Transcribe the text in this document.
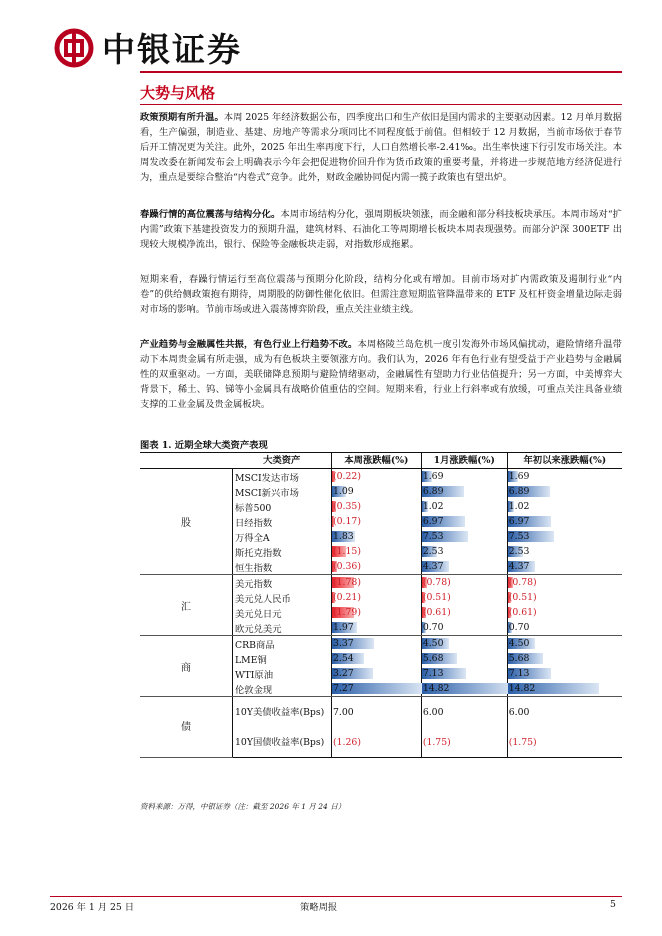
中银证券
大势与风格
政策预期有所升温。本周 2025 年经济数据公布，四季度出口和生产依旧是国内需求的主要驱动因素。12 月单月数据看，生产偏强，制造业、基建、房地产等需求分项同比不同程度低于前值。但相较于 12 月数据，当前市场依于春节后开工情况更为关注。此外，2025 年出生率再度下行，人口自然增长率-2.41‰。出生率快速下行引发市场关注。本周发改委在新闻发布会上明确表示今年会把促进物价回升作为货币政策的重要考量，并将进一步规范地方经济促进行为，重点是要综合整治“内卷式”竞争。此外，财政金融协同促内需一揽子政策也有望出炉。
春躁行情的高位震荡与结构分化。本周市场结构分化，强周期板块领涨，而金融和部分科技板块承压。本周市场对“扩内需”政策下基建投资发力的预期升温，建筑材料、石油化工等周期增长板块本周表现强势。而部分沪深 300ETF 出现较大规模净流出，银行、保险等金融板块走弱，对指数形成拖累。
短期来看，春躁行情运行至高位震荡与预期分化阶段，结构分化或有增加。目前市场对扩内需政策及遏制行业“内卷”的供给侧政策抱有期待，周期股的防御性催化依旧。但需注意短期监管降温带来的 ETF 及杠杆资金增量边际走弱对市场的影响。节前市场或进入震荡博弈阶段，重点关注业绩主线。
产业趋势与金融属性共振，有色行业上行趋势不改。本周格陵兰岛危机一度引发海外市场风偏扰动，避险情绪升温带动下本周贵金属有所走强，成为有色板块主要领涨方向。我们认为，2026 年有色行业有望受益于产业趋势与金融属性的双重驱动。一方面，美联储降息预期与避险情绪驱动，金融属性有望助力行业估值提升；另一方面，中美博弈大背景下，稀土、钨、锑等小金属具有战略价值重估的空间。短期来看，行业上行斜率或有放缓，可重点关注具备业绩支撑的工业金属及贵金属板块。
图表 1. 近期全球大类资产表现
	大类资产	本周涨跌幅(%)	1月涨跌幅(%)	年初以来涨跌幅(%)
股	MSCI发达市场	(0.22)	1.69	1.69
	MSCI新兴市场	1.09	6.89	6.89
	标普500	(0.35)	1.02	1.02
	日经指数	(0.17)	6.97	6.97
	万得全A	1.83	7.53	7.53
	斯托克指数	(1.15)	2.53	2.53
	恒生指数	(0.36)	4.37	4.37
汇	美元指数	(1.78)	(0.78)	(0.78)
	美元兑人民币	(0.21)	(0.51)	(0.51)
	美元兑日元	(1.79)	(0.61)	(0.61)
	欧元兑美元	1.97	0.70	0.70
商	CRB商品	3.37	4.50	4.50
	LME铜	2.54	5.68	5.68
	WTI原油	3.27	7.13	7.13
	伦敦金现	7.27	14.82	14.82
债	10Y美债收益率(Bps)	7.00	6.00	6.00
	10Y国债收益率(Bps)	(1.26)	(1.75)	(1.75)
资料来源：万得，中银证券（注：截至 2026 年 1 月 24 日）
2026 年 1 月 25 日	策略周报	5
